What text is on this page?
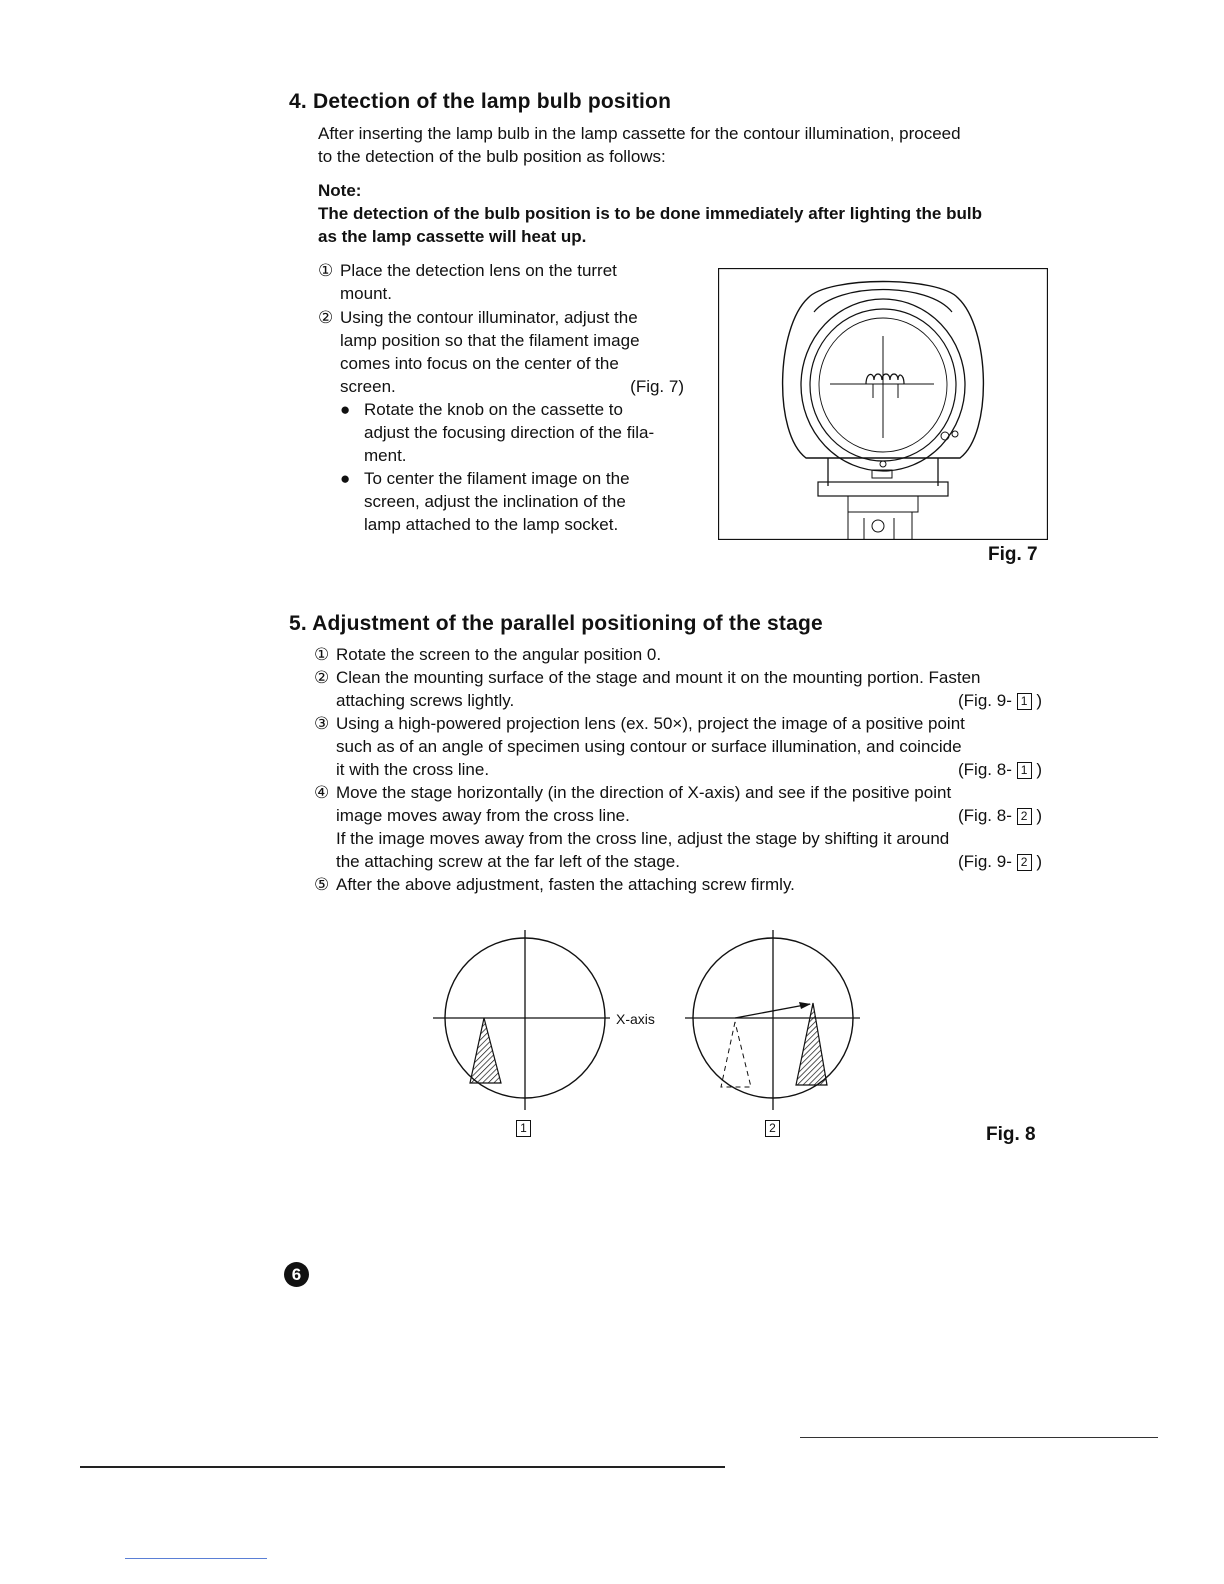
4. Detection of the lamp bulb position
After inserting the lamp bulb in the lamp cassette for the contour illumination, proceed
to the detection of the bulb position as follows:
Note:
The detection of the bulb position is to be done immediately after lighting the bulb
as the lamp cassette will heat up.
① Place the detection lens on the turret
mount.
② Using the contour illuminator, adjust the
lamp position so that the filament image
comes into focus on the center of the
screen.	(Fig. 7)
● Rotate the knob on the cassette to
adjust the focusing direction of the fila-
ment.
● To center the filament image on the
screen, adjust the inclination of the
lamp attached to the lamp socket.
Fig. 7
5. Adjustment of the parallel positioning of the stage
① Rotate the screen to the angular position 0.
② Clean the mounting surface of the stage and mount it on the mounting portion. Fasten
attaching screws lightly.	(Fig. 9- 1 )
③ Using a high-powered projection lens (ex. 50×), project the image of a positive point
such as of an angle of specimen using contour or surface illumination, and coincide
it with the cross line.	(Fig. 8- 1 )
④ Move the stage horizontally (in the direction of X-axis) and see if the positive point
image moves away from the cross line.	(Fig. 8- 2 )
If the image moves away from the cross line, adjust the stage by shifting it around
the attaching screw at the far left of the stage.	(Fig. 9- 2 )
⑤ After the above adjustment, fasten the attaching screw firmly.
X-axis
1	2	Fig. 8
6
